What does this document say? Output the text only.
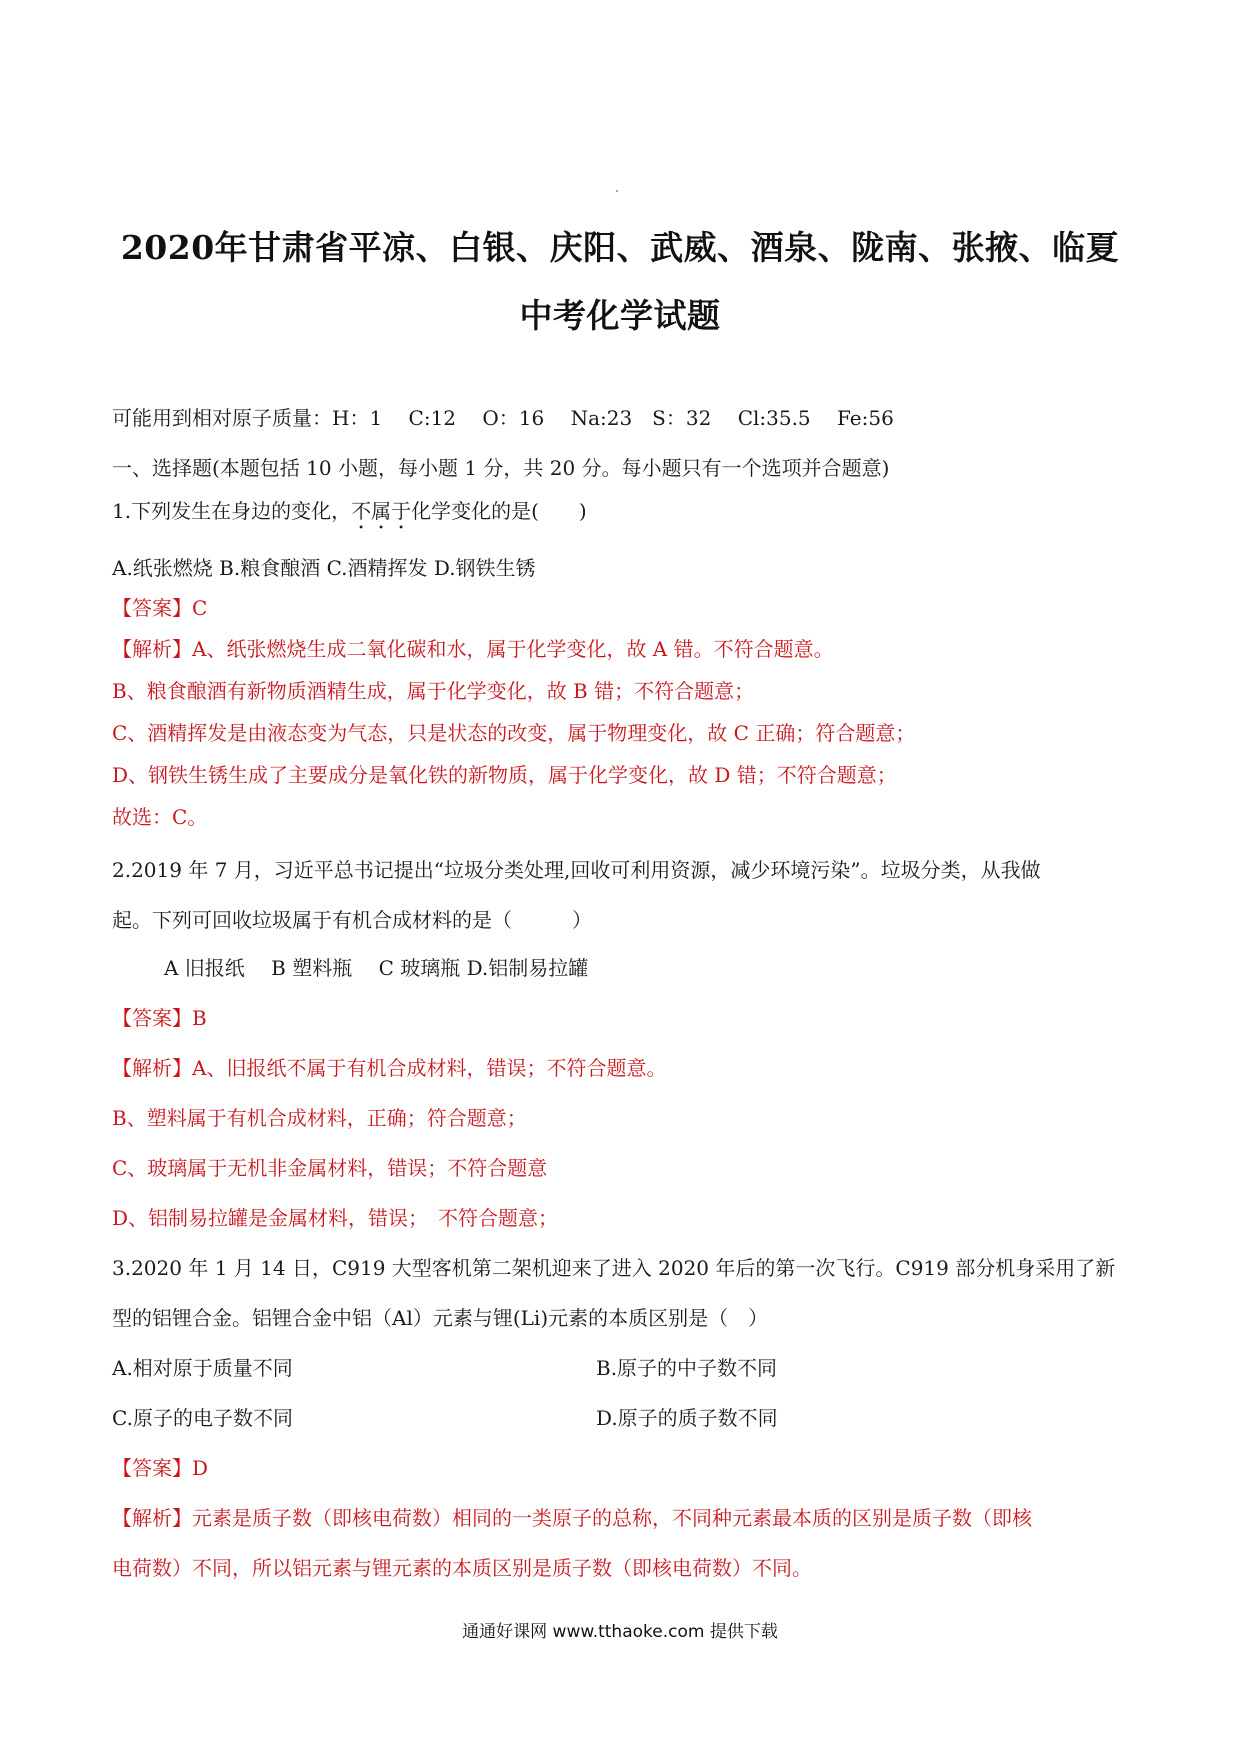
2020年甘肃省平凉、白银、庆阳、武威、酒泉、陇南、张掖、临夏
中考化学试题
可能用到相对原子质量：H：1　 C:12　 O：16　 Na:23　S：32　 Cl:35.5　 Fe:56
一、选择题(本题包括 10 小题，每小题 1 分，共 20 分。每小题只有一个选项并合题意)
1.下列发生在身边的变化，不属于化学变化的是(　　)
A.纸张燃烧 B.粮食酿酒 C.酒精挥发 D.钢铁生锈
【答案】C
【解析】A、纸张燃烧生成二氧化碳和水，属于化学变化，故 A 错。不符合题意。
B、粮食酿酒有新物质酒精生成，属于化学变化，故 B 错；不符合题意；
C、酒精挥发是由液态变为气态，只是状态的改变，属于物理变化，故 C 正确；符合题意；
D、钢铁生锈生成了主要成分是氧化铁的新物质，属于化学变化，故 D 错；不符合题意；
故选：C。
2.2019 年 7 月，习近平总书记提出“垃圾分类处理,回收可利用资源，减少环境污染”。垃圾分类，从我做
起。下列可回收垃圾属于有机合成材料的是（　　　）
A 旧报纸　 B 塑料瓶　 C 玻璃瓶 D.铝制易拉罐
【答案】B
【解析】A、旧报纸不属于有机合成材料，错误；不符合题意。
B、塑料属于有机合成材料，正确；符合题意；
C、玻璃属于无机非金属材料，错误；不符合题意
D、铝制易拉罐是金属材料，错误；　不符合题意；
3.2020 年 1 月 14 日，C919 大型客机第二架机迎来了进入 2020 年后的第一次飞行。C919 部分机身采用了新
型的铝锂合金。铝锂合金中铝（Al）元素与锂(Li)元素的本质区别是（　）
A.相对原于质量不同	B.原子的中子数不同
C.原子的电子数不同	D.原子的质子数不同
【答案】D
【解析】元素是质子数（即核电荷数）相同的一类原子的总称，不同种元素最本质的区别是质子数（即核
电荷数）不同，所以铝元素与锂元素的本质区别是质子数（即核电荷数）不同。
通通好课网 www.tthaoke.com 提供下载
